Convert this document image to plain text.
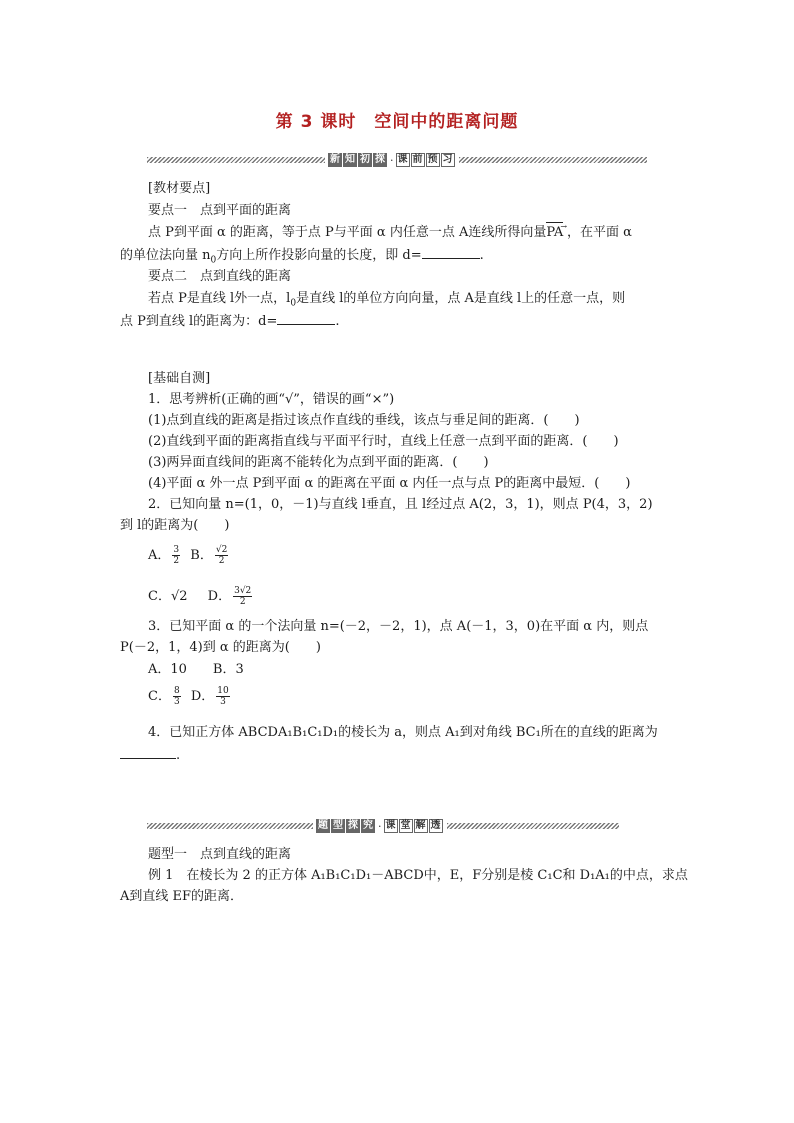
第 3 课时　空间中的距离问题
新 知 初 探 · 课 前 预 习
[教材要点]
要点一　点到平面的距离
点 P到平面 α 的距离，等于点 P与平面 α 内任意一点 A连线所得向量PA→，在平面 α
的单位法向量 $n_0$方向上所作投影向量的长度，即 d=	.
要点二　点到直线的距离
若点 P是直线 l外一点，$l_0$是直线 l的单位方向向量，点 A是直线 l上的任意一点，则
点 P到直线 l的距离为：d=	.
[基础自测]
1．思考辨析(正确的画“√”，错误的画“×”)
(1)点到直线的距离是指过该点作直线的垂线，该点与垂足间的距离．(　　)
(2)直线到平面的距离指直线与平面平行时，直线上任意一点到平面的距离．(　　)
(3)两异面直线间的距离不能转化为点到平面的距离．(　　)
(4)平面 α 外一点 P到平面 α 的距离在平面 α 内任一点与点 P的距离中最短．(　　)
2．已知向量 n=(1，0，－1)与直线 l垂直，且 l经过点 A(2，3，1)，则点 P(4，3，2)
到 l的距离为(　　)
A． $\frac{3}{2}$ B． $\frac{√2}{2}$
C．√2 D． $\frac{3√2}{2}$
3．已知平面 α 的一个法向量 n=(－2，－2，1)，点 A(－1，3，0)在平面 α 内，则点
P(－2，1，4)到 α 的距离为(　　)
A．10　　B．3
C． $\frac{8}{3}$ D． $\frac{10}{3}$
4．已知正方体 ABCDA₁B₁C₁D₁的棱长为 a，则点 A₁到对角线 BC₁所在的直线的距离为
.
题 型 探 究 · 课 堂 解 透
题型一　点到直线的距离
例 1　在棱长为 2 的正方体 A₁B₁C₁D₁－ABCD中，E，F分别是棱 C₁C和 D₁A₁的中点，求点
A到直线 EF的距离．
